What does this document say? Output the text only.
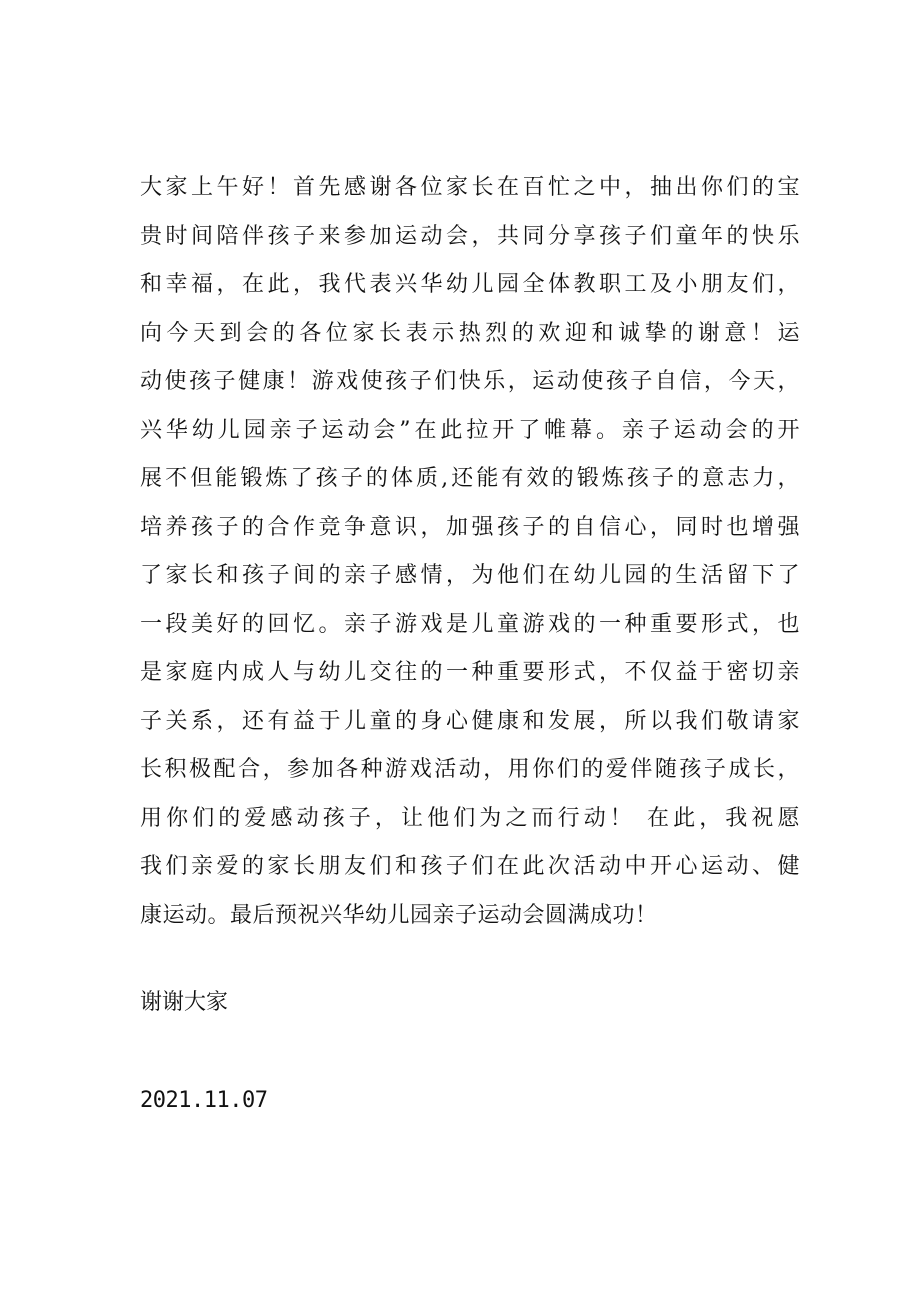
大家上午好！首先感谢各位家长在百忙之中，抽出你们的宝
贵时间陪伴孩子来参加运动会，共同分享孩子们童年的快乐
和幸福，在此，我代表兴华幼儿园全体教职工及小朋友们，
向今天到会的各位家长表示热烈的欢迎和诚挚的谢意！运
动使孩子健康！游戏使孩子们快乐，运动使孩子自信，今天，
兴华幼儿园亲子运动会”在此拉开了帷幕。亲子运动会的开
展不但能锻炼了孩子的体质,还能有效的锻炼孩子的意志力，
培养孩子的合作竞争意识，加强孩子的自信心，同时也增强
了家长和孩子间的亲子感情，为他们在幼儿园的生活留下了
一段美好的回忆。亲子游戏是儿童游戏的一种重要形式，也
是家庭内成人与幼儿交往的一种重要形式，不仅益于密切亲
子关系，还有益于儿童的身心健康和发展，所以我们敬请家
长积极配合，参加各种游戏活动，用你们的爱伴随孩子成长，
用你们的爱感动孩子，让他们为之而行动！ 在此，我祝愿
我们亲爱的家长朋友们和孩子们在此次活动中开心运动、健
康运动。最后预祝兴华幼儿园亲子运动会圆满成功！

谢谢大家

2021.11.07
